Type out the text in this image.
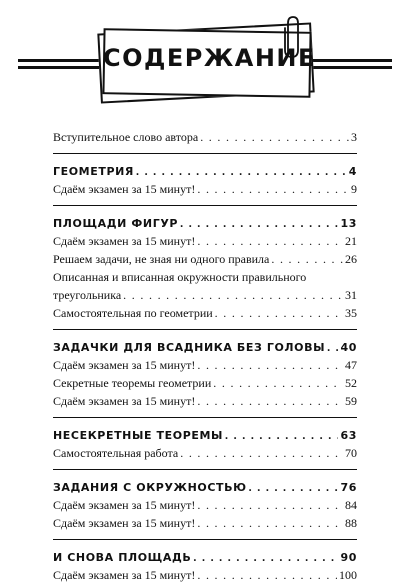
СОДЕРЖАНИЕ
Вступительное слово автора . . .	3
ГЕОМЕТРИЯ . . .	4
Сдаём экзамен за 15 минут! . . .	9
ПЛОЩАДИ ФИГУР . . .	13
Сдаём экзамен за 15 минут! . . .	21
Решаем задачи, не зная ни одного правила . . .	26
Описанная и вписанная окружности правильного
треугольника . . .	31
Самостоятельная по геометрии . . .	35
ЗАДАЧКИ ДЛЯ ВСАДНИКА БЕЗ ГОЛОВЫ . . . 40
Сдаём экзамен за 15 минут! . . .	47
Секретные теоремы геометрии . . .	52
Сдаём экзамен за 15 минут! . . .	59
НЕСЕКРЕТНЫЕ ТЕОРЕМЫ . . .	63
Самостоятельная работа . . .	70
ЗАДАНИЯ С ОКРУЖНОСТЬЮ . . .	76
Сдаём экзамен за 15 минут! . . .	84
Сдаём экзамен за 15 минут! . . .	88
И СНОВА ПЛОЩАДЬ . . .	90
Сдаём экзамен за 15 минут! . . .	100
